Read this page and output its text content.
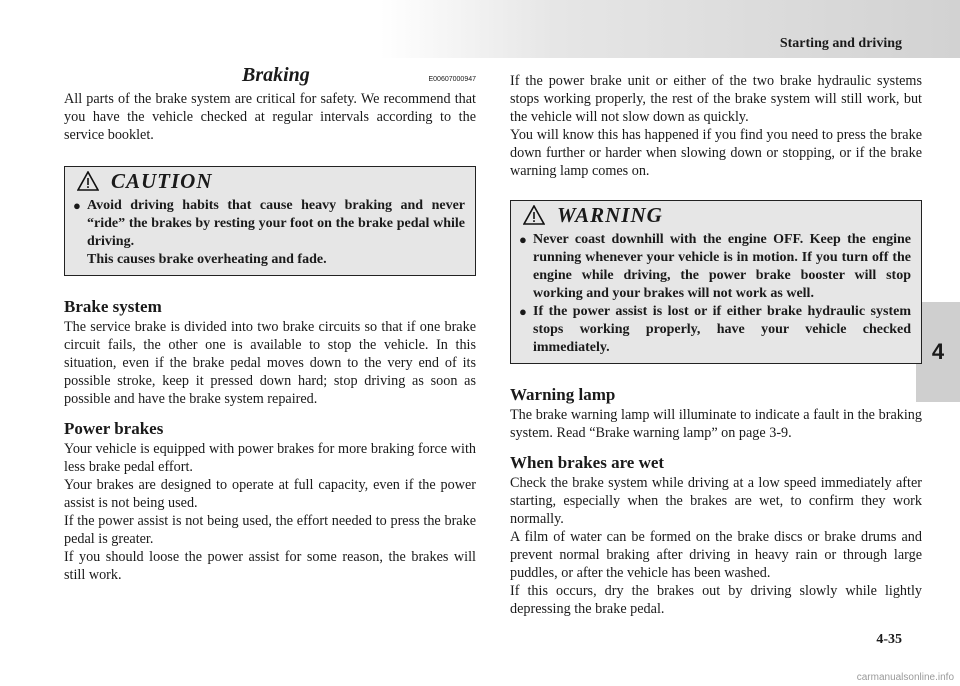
Starting and driving
4
Braking	E00607000947

All parts of the brake system are critical for safety. We recommend that you have the vehicle checked at regular intervals according to the service booklet.

CAUTION
● Avoid driving habits that cause heavy braking and never “ride” the brakes by resting your foot on the brake pedal while driving.
This causes brake overheating and fade.
Brake system

The service brake is divided into two brake circuits so that if one brake circuit fails, the other one is available to stop the vehicle. In this situation, even if the brake pedal moves down to the very end of its possible stroke, keep it pressed down hard; stop driving as soon as possible and have the brake system repaired.

Power brakes

Your vehicle is equipped with power brakes for more braking force with less brake pedal effort.

Your brakes are designed to operate at full capacity, even if the power assist is not being used.

If the power assist is not being used, the effort needed to press the brake pedal is greater.

If you should loose the power assist for some reason, the brakes will still work.

If the power brake unit or either of the two brake hydraulic systems stops working properly, the rest of the brake system will still work, but the vehicle will not slow down as quickly.

You will know this has happened if you find you need to press the brake down further or harder when slowing down or stopping, or if the brake warning lamp comes on.

WARNING
● Never coast downhill with the engine OFF. Keep the engine running whenever your vehicle is in motion. If you turn off the engine while driving, the power brake booster will stop working and your brakes will not work as well.
● If the power assist is lost or if either brake hydraulic system stops working properly, have your vehicle checked immediately.
Warning lamp

The brake warning lamp will illuminate to indicate a fault in the braking system. Read “Brake warning lamp” on page 3-9.

When brakes are wet

Check the brake system while driving at a low speed immediately after starting, especially when the brakes are wet, to confirm they work normally.

A film of water can be formed on the brake discs or brake drums and prevent normal braking after driving in heavy rain or through large puddles, or after the vehicle has been washed.

If this occurs, dry the brakes out by driving slowly while lightly depressing the brake pedal.

4-35
carmanualsonline.info
